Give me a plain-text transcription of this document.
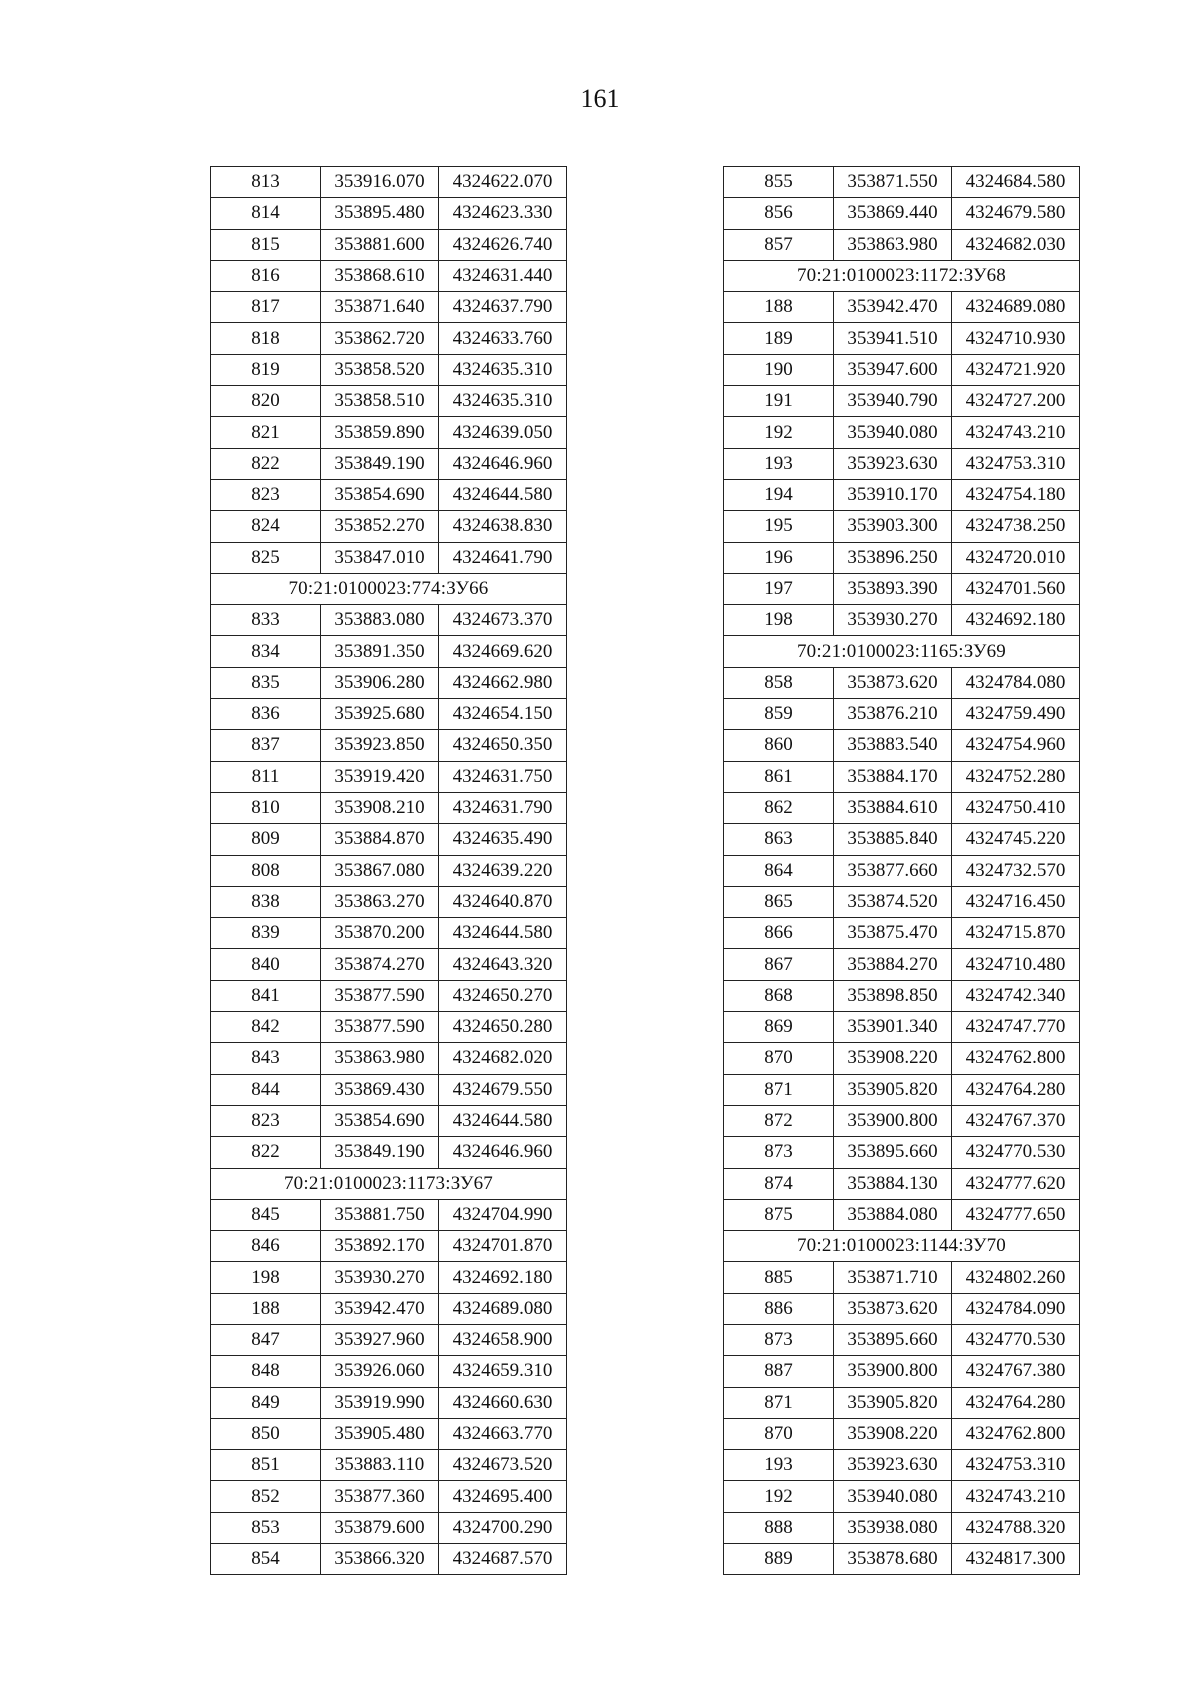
161
813	353916.070	4324622.070
814	353895.480	4324623.330
815	353881.600	4324626.740
816	353868.610	4324631.440
817	353871.640	4324637.790
818	353862.720	4324633.760
819	353858.520	4324635.310
820	353858.510	4324635.310
821	353859.890	4324639.050
822	353849.190	4324646.960
823	353854.690	4324644.580
824	353852.270	4324638.830
825	353847.010	4324641.790
70:21:0100023:774:ЗУ66		
833	353883.080	4324673.370
834	353891.350	4324669.620
835	353906.280	4324662.980
836	353925.680	4324654.150
837	353923.850	4324650.350
811	353919.420	4324631.750
810	353908.210	4324631.790
809	353884.870	4324635.490
808	353867.080	4324639.220
838	353863.270	4324640.870
839	353870.200	4324644.580
840	353874.270	4324643.320
841	353877.590	4324650.270
842	353877.590	4324650.280
843	353863.980	4324682.020
844	353869.430	4324679.550
823	353854.690	4324644.580
822	353849.190	4324646.960
70:21:0100023:1173:ЗУ67		
845	353881.750	4324704.990
846	353892.170	4324701.870
198	353930.270	4324692.180
188	353942.470	4324689.080
847	353927.960	4324658.900
848	353926.060	4324659.310
849	353919.990	4324660.630
850	353905.480	4324663.770
851	353883.110	4324673.520
852	353877.360	4324695.400
853	353879.600	4324700.290
854	353866.320	4324687.570
855	353871.550	4324684.580
856	353869.440	4324679.580
857	353863.980	4324682.030
70:21:0100023:1172:ЗУ68		
188	353942.470	4324689.080
189	353941.510	4324710.930
190	353947.600	4324721.920
191	353940.790	4324727.200
192	353940.080	4324743.210
193	353923.630	4324753.310
194	353910.170	4324754.180
195	353903.300	4324738.250
196	353896.250	4324720.010
197	353893.390	4324701.560
198	353930.270	4324692.180
70:21:0100023:1165:ЗУ69		
858	353873.620	4324784.080
859	353876.210	4324759.490
860	353883.540	4324754.960
861	353884.170	4324752.280
862	353884.610	4324750.410
863	353885.840	4324745.220
864	353877.660	4324732.570
865	353874.520	4324716.450
866	353875.470	4324715.870
867	353884.270	4324710.480
868	353898.850	4324742.340
869	353901.340	4324747.770
870	353908.220	4324762.800
871	353905.820	4324764.280
872	353900.800	4324767.370
873	353895.660	4324770.530
874	353884.130	4324777.620
875	353884.080	4324777.650
70:21:0100023:1144:ЗУ70		
885	353871.710	4324802.260
886	353873.620	4324784.090
873	353895.660	4324770.530
887	353900.800	4324767.380
871	353905.820	4324764.280
870	353908.220	4324762.800
193	353923.630	4324753.310
192	353940.080	4324743.210
888	353938.080	4324788.320
889	353878.680	4324817.300
